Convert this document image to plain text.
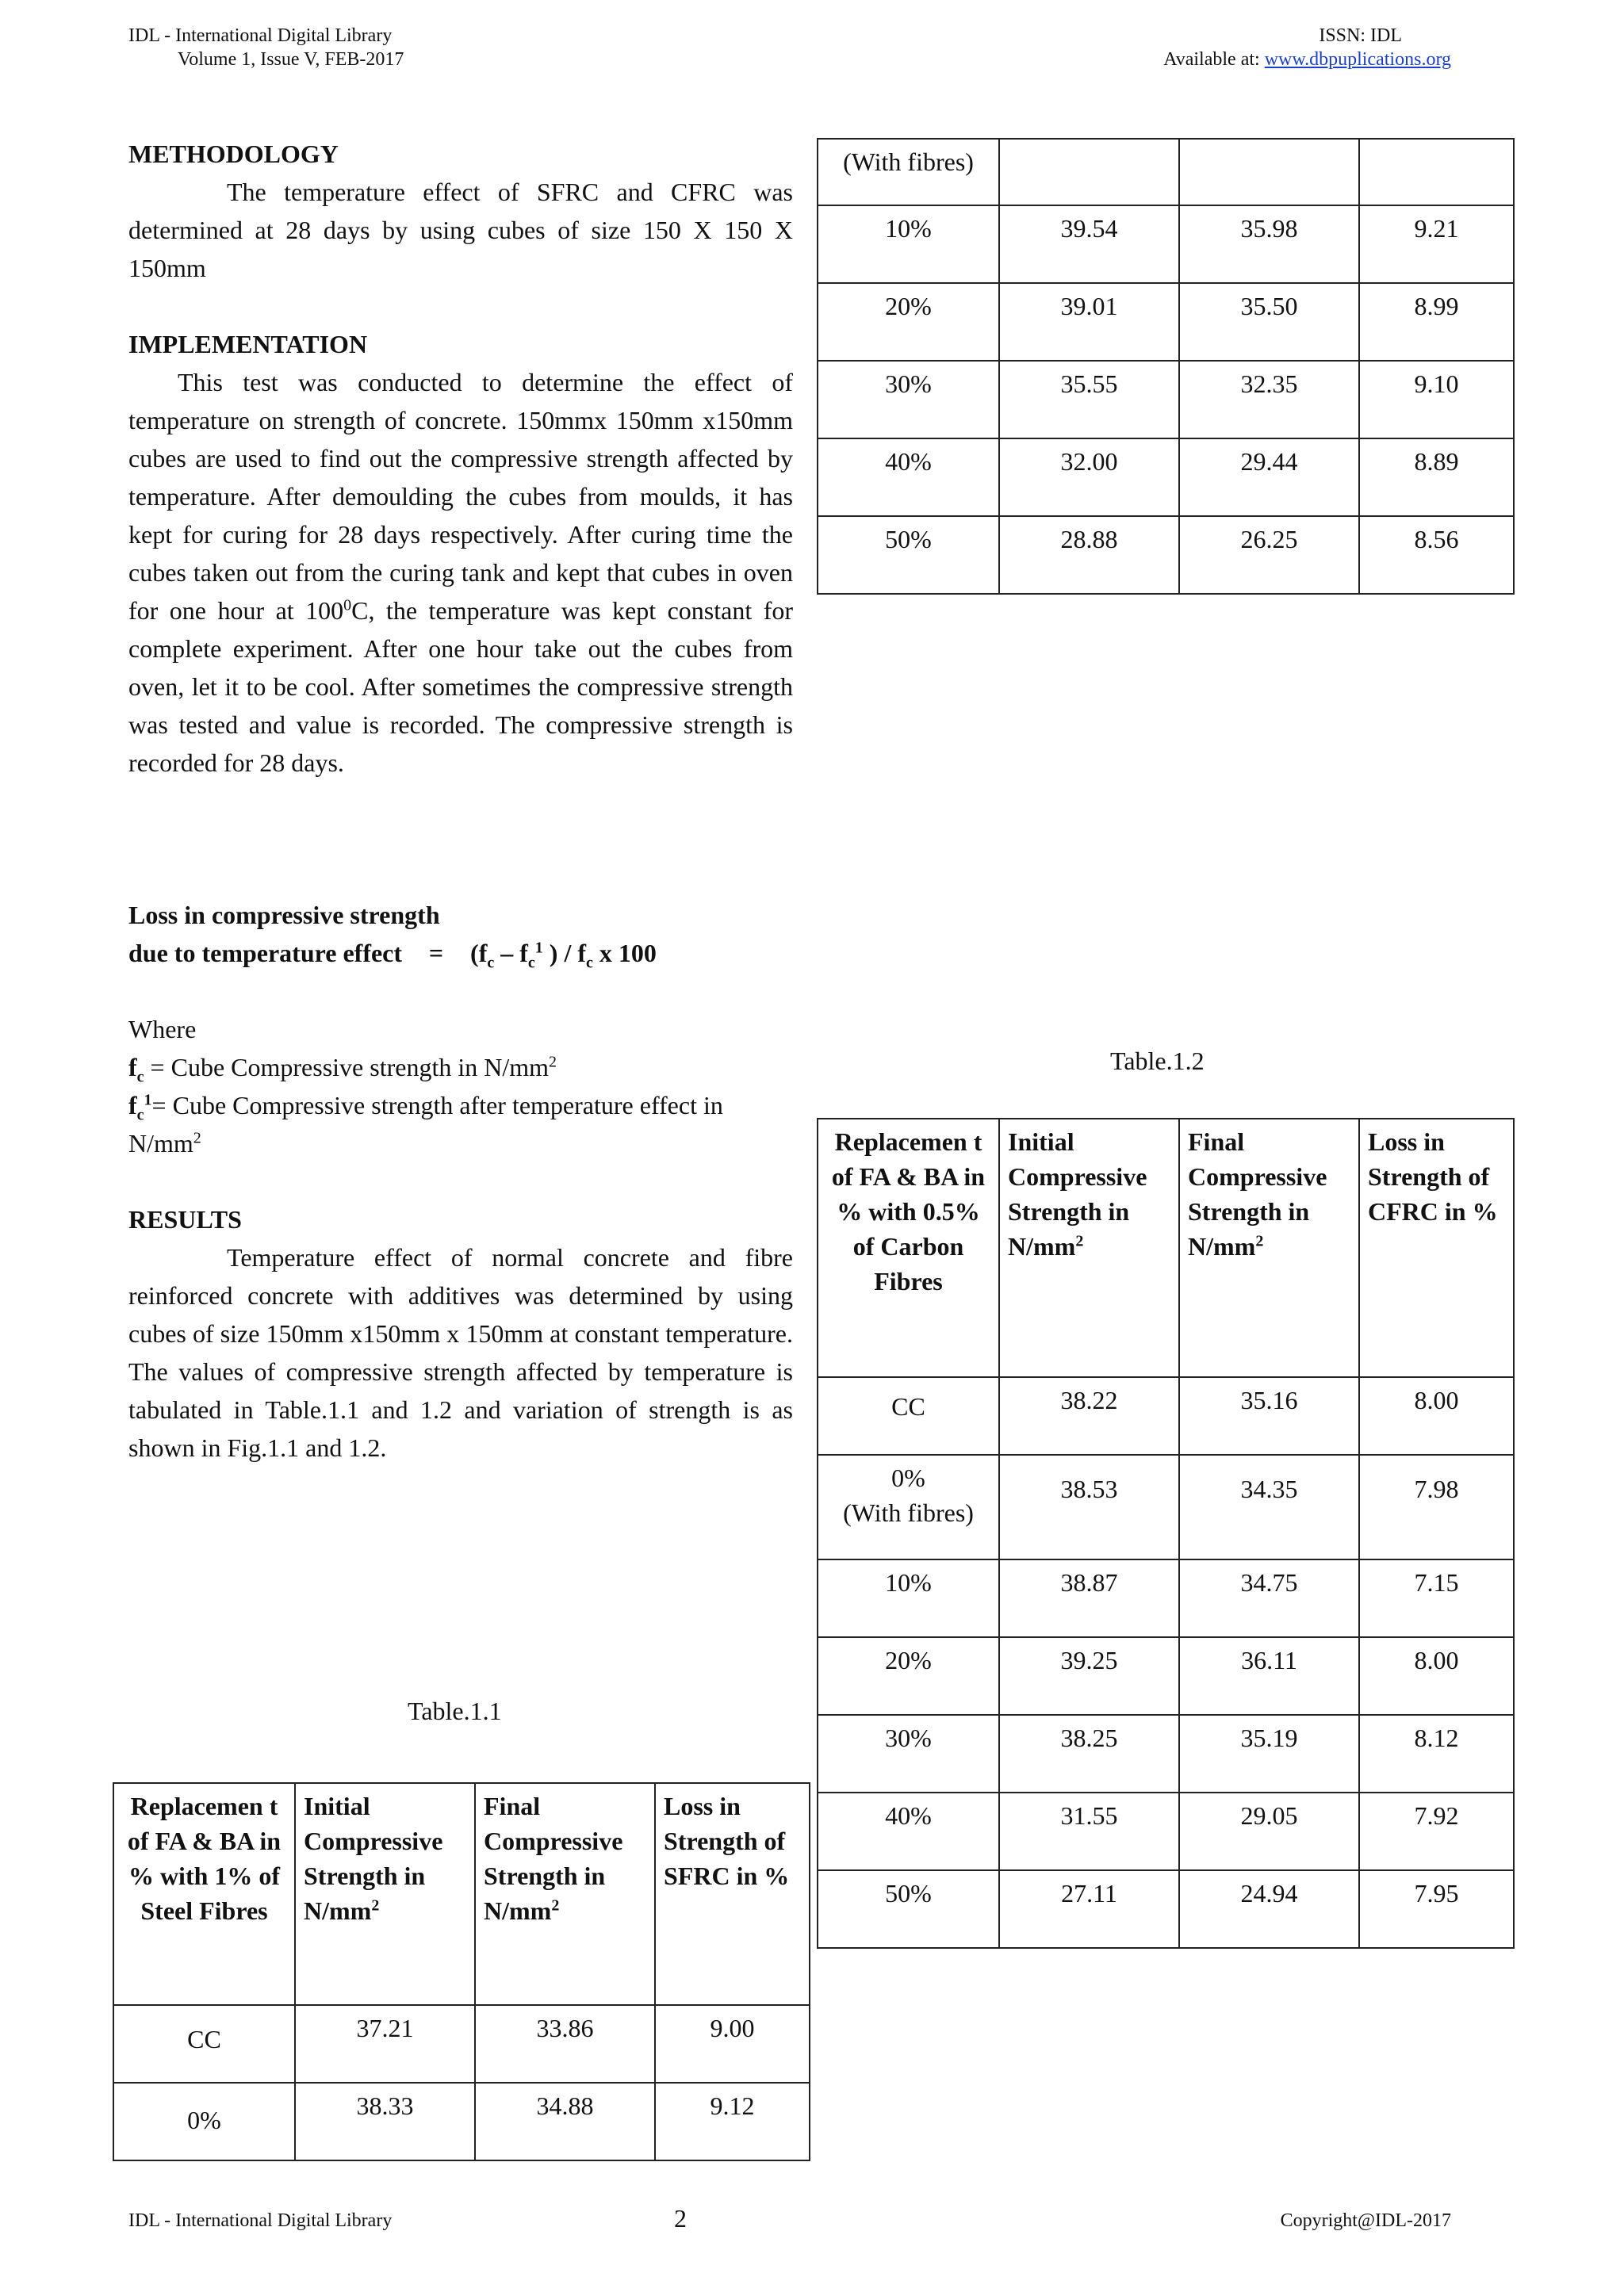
IDL - International Digital Library
Volume 1, Issue V, FEB-2017
ISSN: IDL
Available at: www.dbpuplications.org
METHODOLOGY
The temperature effect of SFRC and CFRC was determined at 28 days by using cubes of size 150 X 150 X 150mm
IMPLEMENTATION
This test was conducted to determine the effect of temperature on strength of concrete. 150mmx 150mm x150mm cubes are used to find out the compressive strength affected by temperature. After demoulding the cubes from moulds, it has kept for curing for 28 days respectively. After curing time the cubes taken out from the curing tank and kept that cubes in oven for one hour at $100^0C$, the temperature was kept constant for complete experiment. After one hour take out the cubes from oven, let it to be cool. After sometimes the compressive strength was tested and value is recorded. The compressive strength is recorded for 28 days.
Loss in compressive strength
due to temperature effect = ($f_c - f_c^1$ ) / $f_c$ x 100
Where
$f_c$ = Cube Compressive strength in $N/mm^2$
$f_c^1=$ Cube Compressive strength after temperature effect in $N/mm^2$
RESULTS
Temperature effect of normal concrete and fibre reinforced concrete with additives was determined by using cubes of size 150mm x150mm x 150mm at constant temperature. The values of compressive strength affected by temperature is tabulated in Table.1.1 and 1.2 and variation of strength is as shown in Fig.1.1 and 1.2.
Table.1.1
Replacemen t of FA & BA in % with 1% of Steel Fibres	Initial Compressive Strength in $N/mm^2$	Final Compressive Strength in $N/mm^2$	Loss in Strength of SFRC in %
CC	37.21	33.86	9.00
0%	38.33	34.88	9.12
(With fibres)			
10%	39.54	35.98	9.21
20%	39.01	35.50	8.99
30%	35.55	32.35	9.10
40%	32.00	29.44	8.89
50%	28.88	26.25	8.56
Table.1.2
Replacemen t of FA & BA in % with 0.5% of Carbon Fibres	Initial Compressive Strength in $N/mm^2$	Final Compressive Strength in $N/mm^2$	Loss in Strength of CFRC in %
CC	38.22	35.16	8.00

0%
(With fibres)	38.53	34.35	7.98
10%	38.87	34.75	7.15
20%	39.25	36.11	8.00
30%	38.25	35.19	8.12
40%	31.55	29.05	7.92
50%	27.11	24.94	7.95
IDL - International Digital Library	2	Copyright@IDL-2017
